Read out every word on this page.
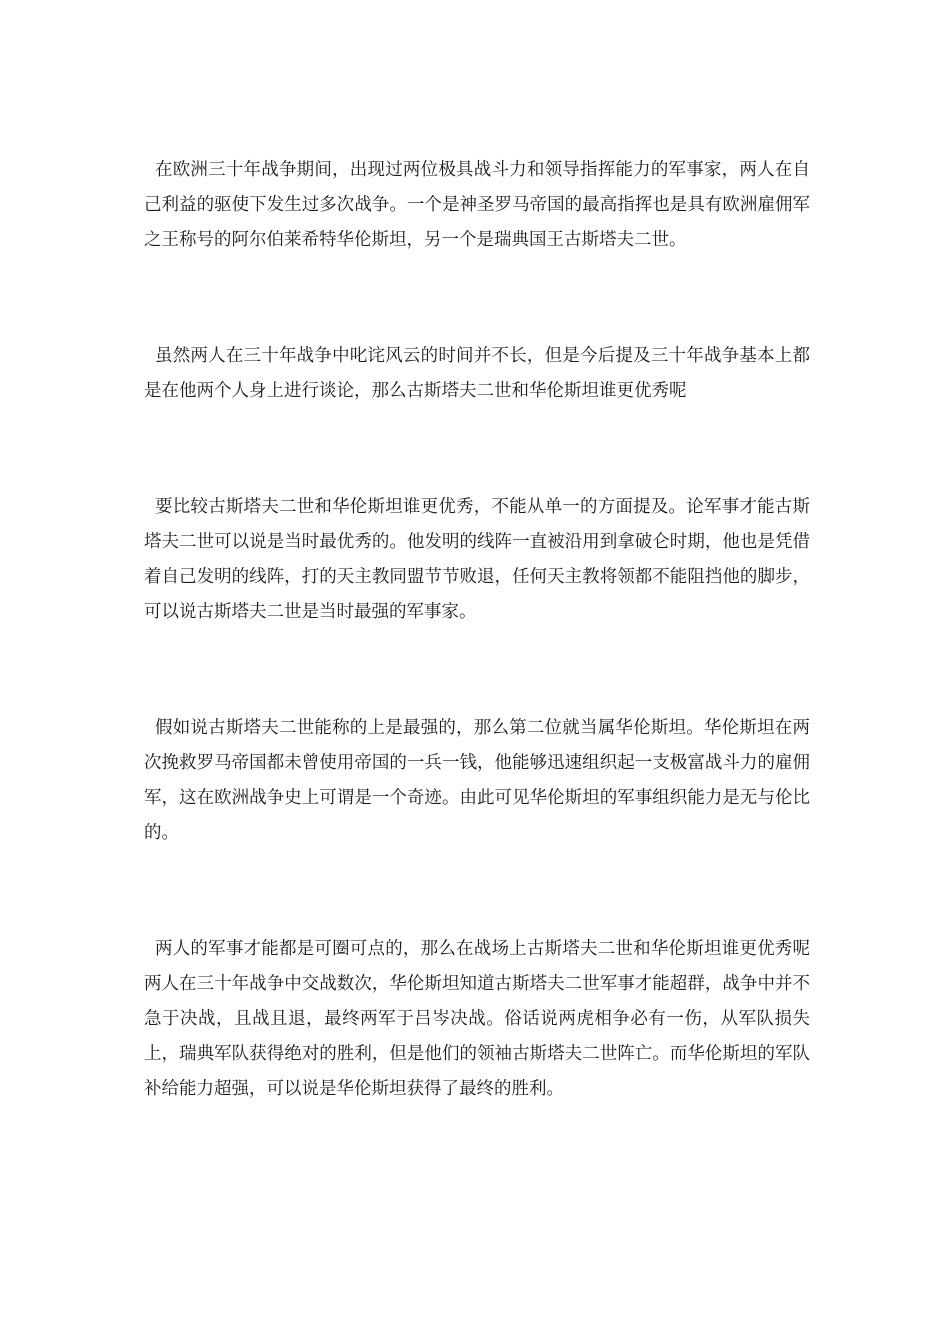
在欧洲三十年战争期间，出现过两位极具战斗力和领导指挥能力的军事家，两人在自己利益的驱使下发生过多次战争。一个是神圣罗马帝国的最高指挥也是具有欧洲雇佣军之王称号的阿尔伯莱希特华伦斯坦，另一个是瑞典国王古斯塔夫二世。

虽然两人在三十年战争中叱诧风云的时间并不长，但是今后提及三十年战争基本上都是在他两个人身上进行谈论，那么古斯塔夫二世和华伦斯坦谁更优秀呢

要比较古斯塔夫二世和华伦斯坦谁更优秀，不能从单一的方面提及。论军事才能古斯塔夫二世可以说是当时最优秀的。他发明的线阵一直被沿用到拿破仑时期，他也是凭借着自己发明的线阵，打的天主教同盟节节败退，任何天主教将领都不能阻挡他的脚步，可以说古斯塔夫二世是当时最强的军事家。

假如说古斯塔夫二世能称的上是最强的，那么第二位就当属华伦斯坦。华伦斯坦在两次挽救罗马帝国都未曾使用帝国的一兵一钱，他能够迅速组织起一支极富战斗力的雇佣军，这在欧洲战争史上可谓是一个奇迹。由此可见华伦斯坦的军事组织能力是无与伦比的。

两人的军事才能都是可圈可点的，那么在战场上古斯塔夫二世和华伦斯坦谁更优秀呢两人在三十年战争中交战数次，华伦斯坦知道古斯塔夫二世军事才能超群，战争中并不急于决战，且战且退，最终两军于吕岑决战。俗话说两虎相争必有一伤，从军队损失上，瑞典军队获得绝对的胜利，但是他们的领袖古斯塔夫二世阵亡。而华伦斯坦的军队补给能力超强，可以说是华伦斯坦获得了最终的胜利。
